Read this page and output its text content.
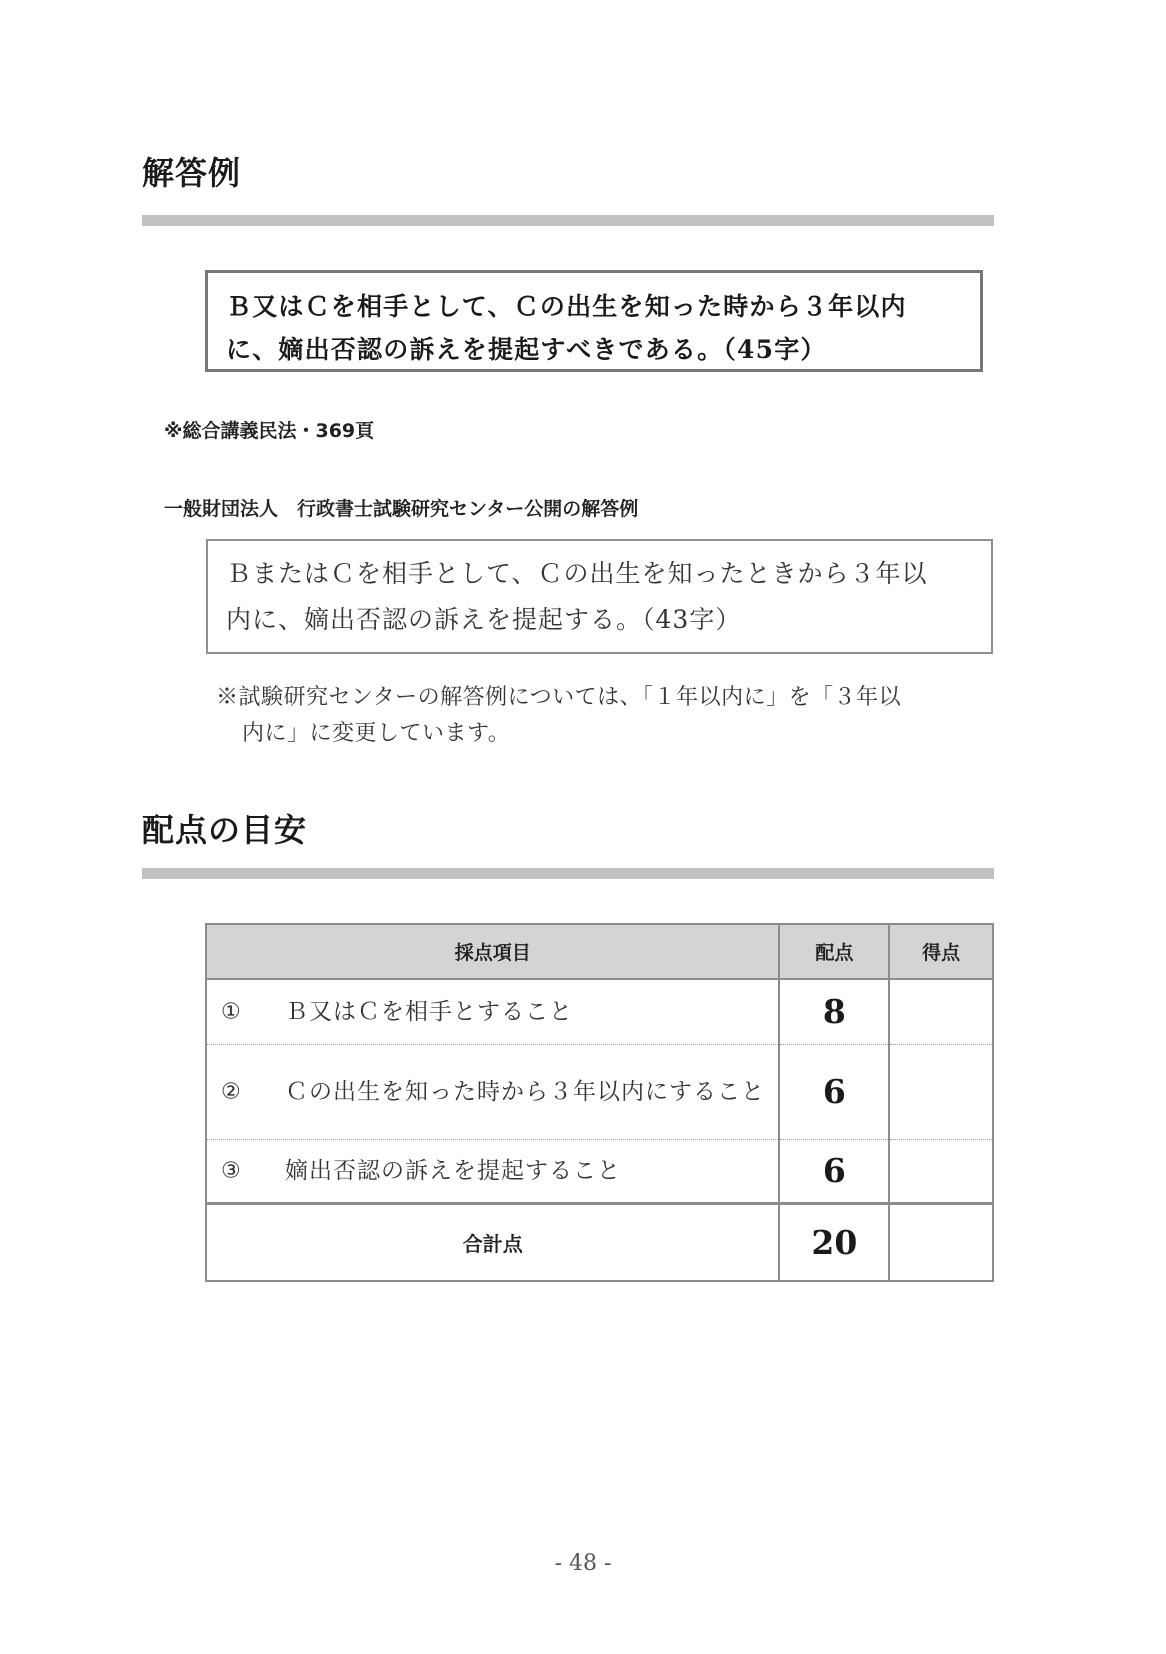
解答例
Ｂ又はＣを相手として、Ｃの出生を知った時から３年以内
に、嫡出否認の訴えを提起すべきである。（45字）

※総合講義民法・369頁

一般財団法人　行政書士試験研究センター公開の解答例

ＢまたはＣを相手として、Ｃの出生を知ったときから３年以
内に、嫡出否認の訴えを提起する。（43字）

※試験研究センターの解答例については、「１年以内に」を「３年以
内に」に変更しています。

配点の目安
採点項目	配点	得点

① Ｂ又はＣを相手とすること	8	

② Ｃの出生を知った時から３年以内にすること	6	

③ 嫡出否認の訴えを提起すること	6	
合計点	20	

- 48 -
